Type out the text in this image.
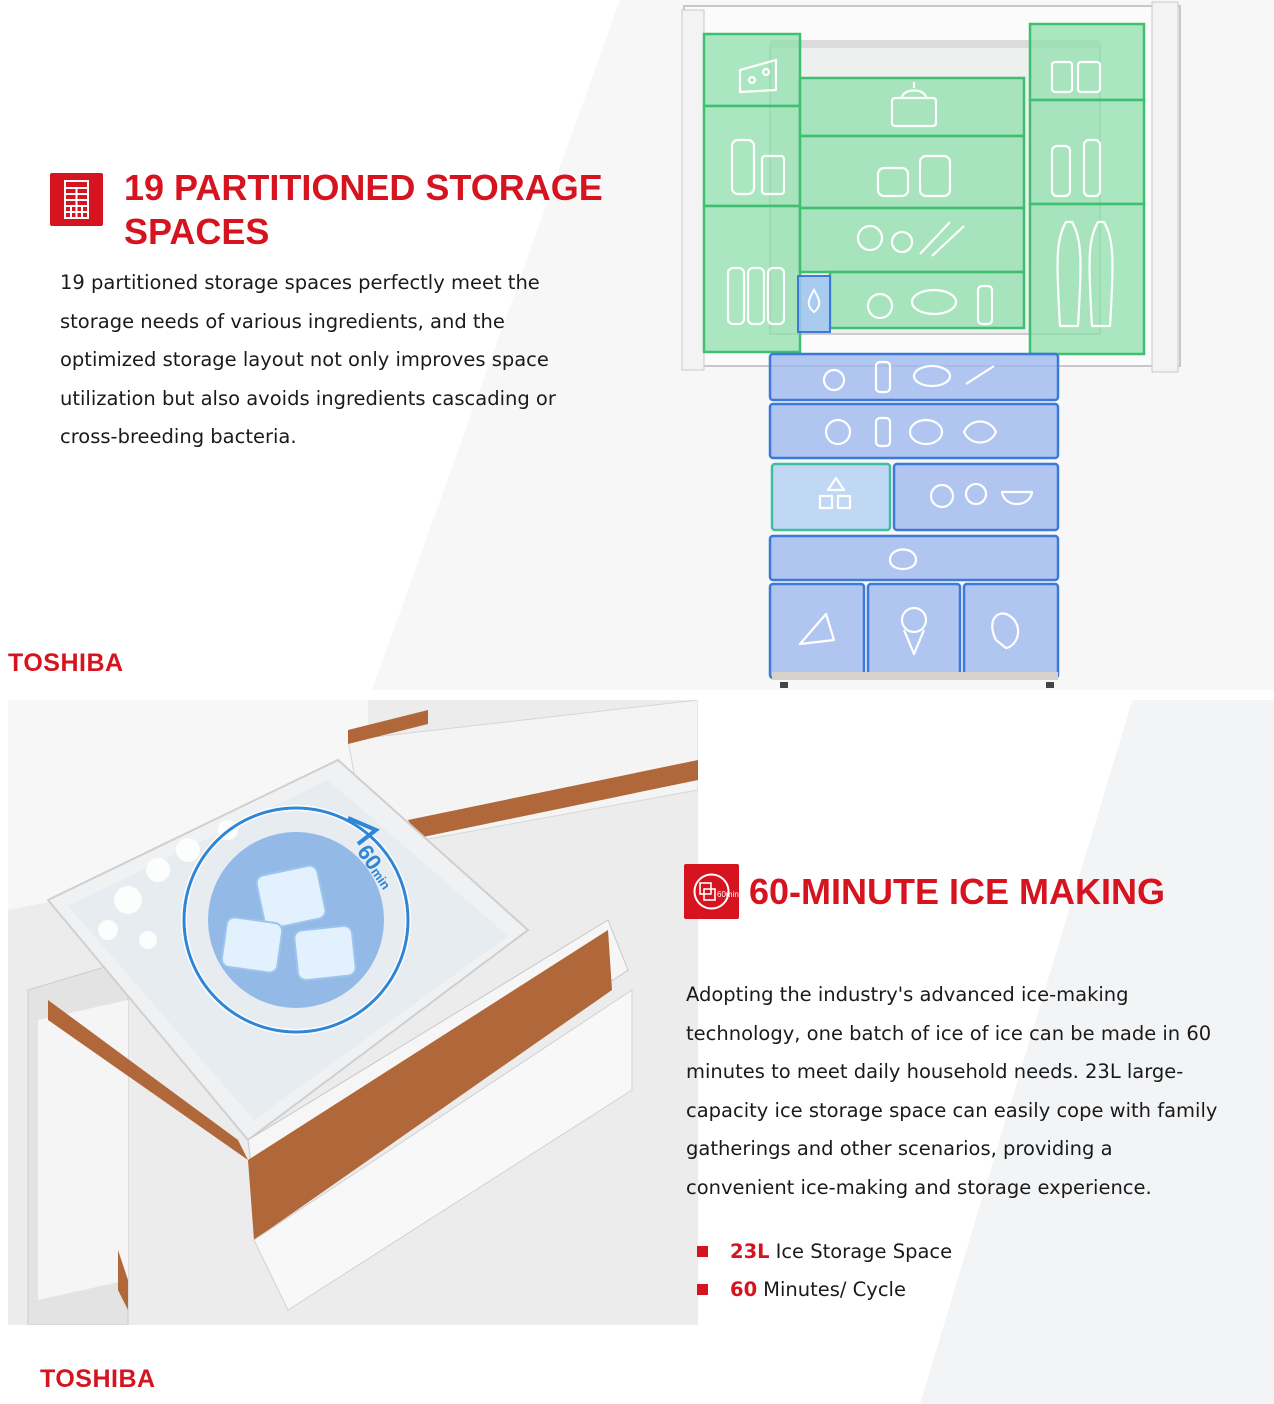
19 PARTITIONED STORAGE
SPACES
19 partitioned storage spaces perfectly meet the
storage needs of various ingredients, and the
optimized storage layout not only improves space
utilization but also avoids ingredients cascading or
cross-breeding bacteria.
TOSHIBA
60min
60min 60-MINUTE ICE MAKING
Adopting the industry's advanced ice-making
technology, one batch of ice of ice can be made in 60
minutes to meet daily household needs. 23L large-
capacity ice storage space can easily cope with family
gatherings and other scenarios, providing a
convenient ice-making and storage experience.
23L Ice Storage Space
60 Minutes/ Cycle
TOSHIBA
